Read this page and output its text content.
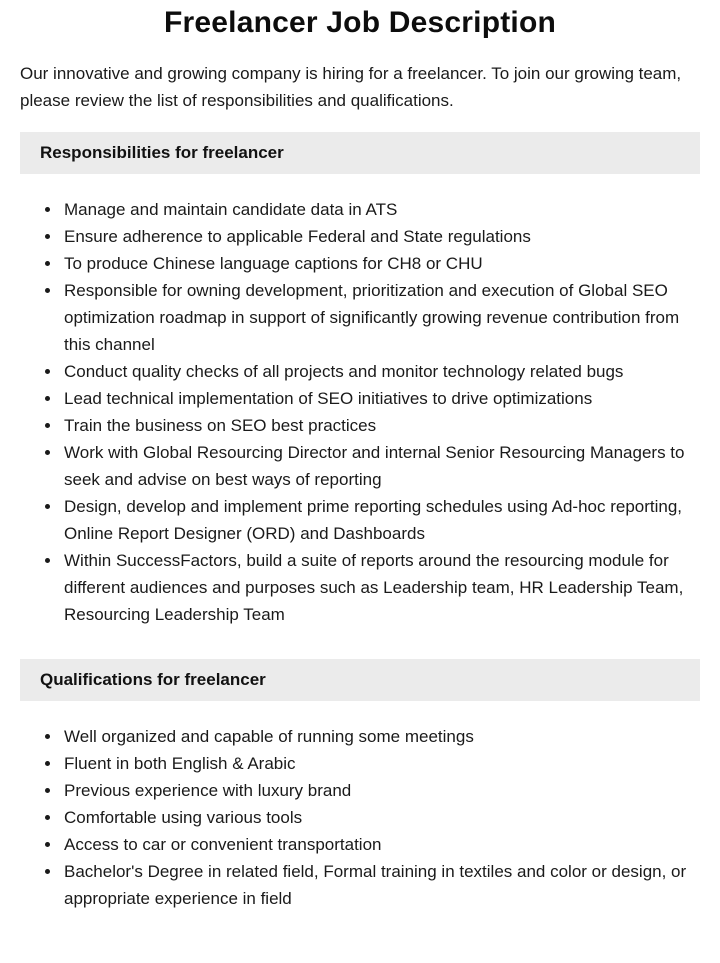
Freelancer Job Description

Our innovative and growing company is hiring for a freelancer. To join our growing team, please review the list of responsibilities and qualifications.

Responsibilities for freelancer
• Manage and maintain candidate data in ATS
• Ensure adherence to applicable Federal and State regulations
• To produce Chinese language captions for CH8 or CHU
• Responsible for owning development, prioritization and execution of Global SEO optimization roadmap in support of significantly growing revenue contribution from this channel
• Conduct quality checks of all projects and monitor technology related bugs
• Lead technical implementation of SEO initiatives to drive optimizations
• Train the business on SEO best practices
• Work with Global Resourcing Director and internal Senior Resourcing Managers to seek and advise on best ways of reporting
• Design, develop and implement prime reporting schedules using Ad-hoc reporting, Online Report Designer (ORD) and Dashboards
• Within SuccessFactors, build a suite of reports around the resourcing module for different audiences and purposes such as Leadership team, HR Leadership Team, Resourcing Leadership Team
Qualifications for freelancer
• Well organized and capable of running some meetings
• Fluent in both English & Arabic
• Previous experience with luxury brand
• Comfortable using various tools
• Access to car or convenient transportation
• Bachelor's Degree in related field, Formal training in textiles and color or design, or appropriate experience in field
